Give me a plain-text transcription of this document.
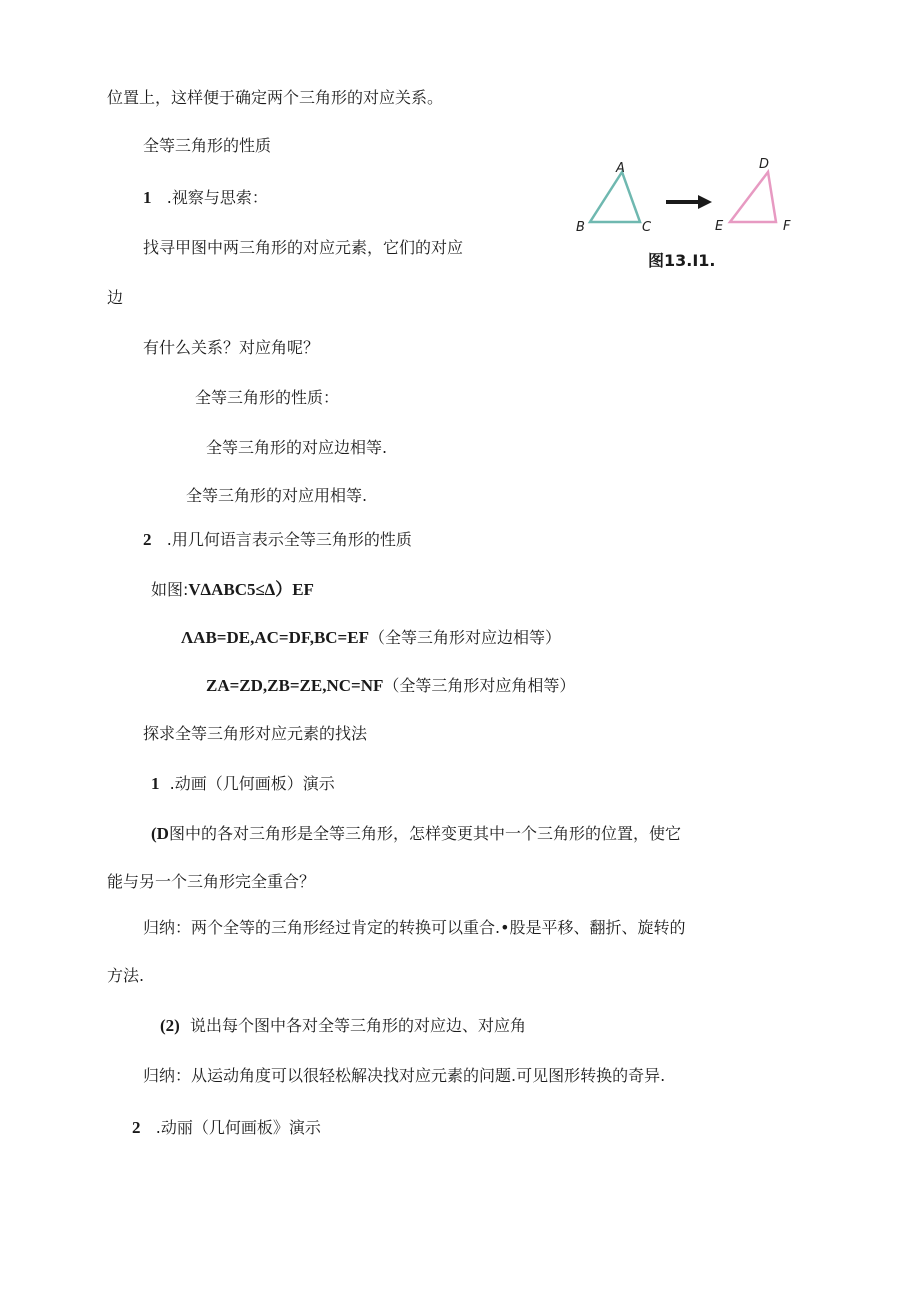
位置上，这样便于确定两个三角形的对应关系。
全等三角形的性质
1 .视察与思索：
找寻甲图中两三角形的对应元素，它们的对应
边
有什么关系？对应角呢？
全等三角形的性质：
全等三角形的对应边相等.
全等三角形的对应用相等.
2 .用几何语言表示全等三角形的性质
如图:V∆ABC5≤∆）EF
ΛAB=DE,AC=DF,BC=EF（全等三角形对应边相等）
ZA=ZD,ZB=ZE,NC=NF（全等三角形对应角相等）
探求全等三角形对应元素的找法
1 .动画（几何画板）演示
(D图中的各对三角形是全等三角形，怎样变更其中一个三角形的位置，使它
能与另一个三角形完全重合？
归纳：两个全等的三角形经过肯定的转换可以重合.•股是平移、翻折、旋转的
方法.
(2) 说出每个图中各对全等三角形的对应边、对应角
归纳：从运动角度可以很轻松解决找对应元素的问题.可见图形转换的奇异.
2 .动丽（几何画板》演示
A
B	C
D
E	F
图13.I1.
